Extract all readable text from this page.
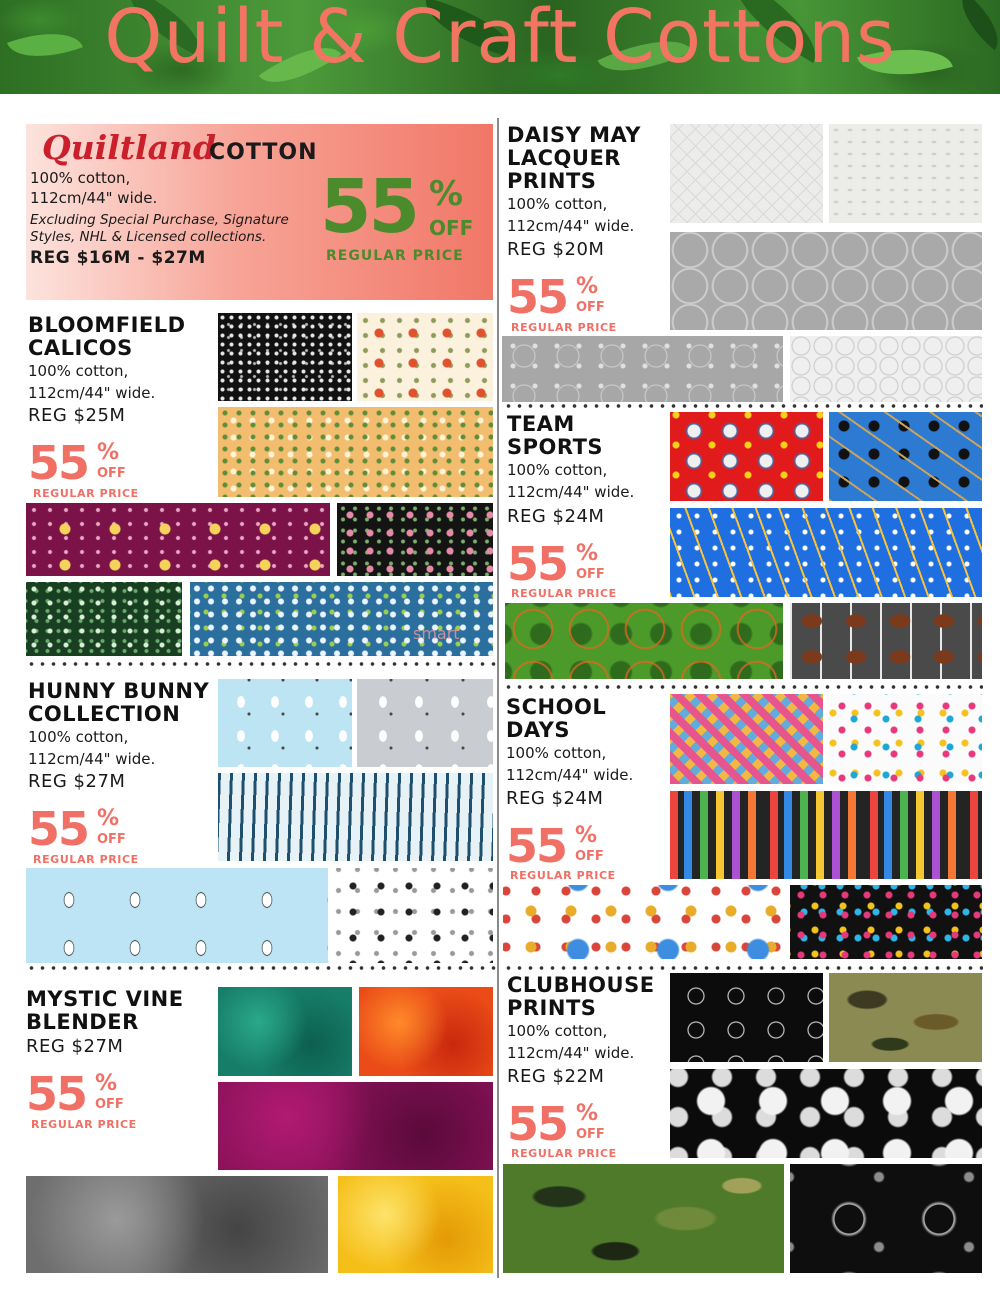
Quilt & Craft Cottons
Quiltland
COTTON
100% cotton,
112cm/44" wide.
Excluding Special Purchase, Signature
Styles, NHL & Licensed collections.
REG $16M - $27M
55 %
OFF
REGULAR PRICE
BLOOMFIELD
CALICOS
100% cotton,
112cm/44" wide.
REG $25M
55 %
OFF
REGULAR PRICE
smart
HUNNY BUNNY
COLLECTION
100% cotton,
112cm/44" wide.
REG $27M
55 %
OFF
REGULAR PRICE
MYSTIC VINE
BLENDER
REG $27M
55 %
OFF
REGULAR PRICE
DAISY MAY
LACQUER
PRINTS
100% cotton,
112cm/44" wide.
REG $20M
55 %
OFF
REGULAR PRICE
TEAM
SPORTS
100% cotton,
112cm/44" wide.
REG $24M
55 %
OFF
REGULAR PRICE
SCHOOL
DAYS
100% cotton,
112cm/44" wide.
REG $24M
55 %
OFF
REGULAR PRICE
CLUBHOUSE
PRINTS
100% cotton,
112cm/44" wide.
REG $22M
55 %
OFF
REGULAR PRICE
